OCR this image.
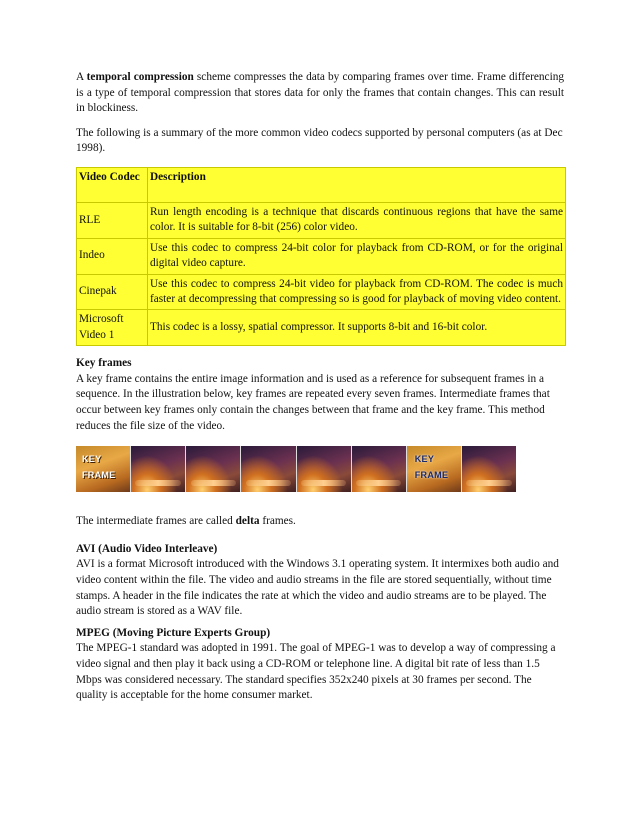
A temporal compression scheme compresses the data by comparing frames over time. Frame differencing is a type of temporal compression that stores data for only the frames that contain changes. This can result in blockiness.

The following is a summary of the more common video codecs supported by personal computers (as at Dec 1998).

Video Codec	Description
RLE	Run length encoding is a technique that discards continuous regions that have the same color. It is suitable for 8-bit (256) color video.
Indeo	Use this codec to compress 24-bit color for playback from CD-ROM, or for the original digital video capture.
Cinepak	Use this codec to compress 24-bit video for playback from CD-ROM. The codec is much faster at decompressing that compressing so is good for playback of moving video content.
Microsoft Video 1	This codec is a lossy, spatial compressor. It supports 8-bit and 16-bit color.

Key frames

A key frame contains the entire image information and is used as a reference for subsequent frames in a sequence. In the illustration below, key frames are repeated every seven frames. Intermediate frames that occur between key frames only contain the changes between that frame and the key frame. This method reduces the file size of the video.

KEY FRAME
KEY FRAME

The intermediate frames are called delta frames.

AVI (Audio Video Interleave)

AVI is a format Microsoft introduced with the Windows 3.1 operating system. It intermixes both audio and video content within the file. The video and audio streams in the file are stored sequentially, without time stamps. A header in the file indicates the rate at which the video and audio streams are to be played. The audio stream is stored as a WAV file.

MPEG (Moving Picture Experts Group)

The MPEG-1 standard was adopted in 1991. The goal of MPEG-1 was to develop a way of compressing a video signal and then play it back using a CD-ROM or telephone line. A digital bit rate of less than 1.5 Mbps was considered necessary. The standard specifies 352x240 pixels at 30 frames per second. The quality is acceptable for the home consumer market.
